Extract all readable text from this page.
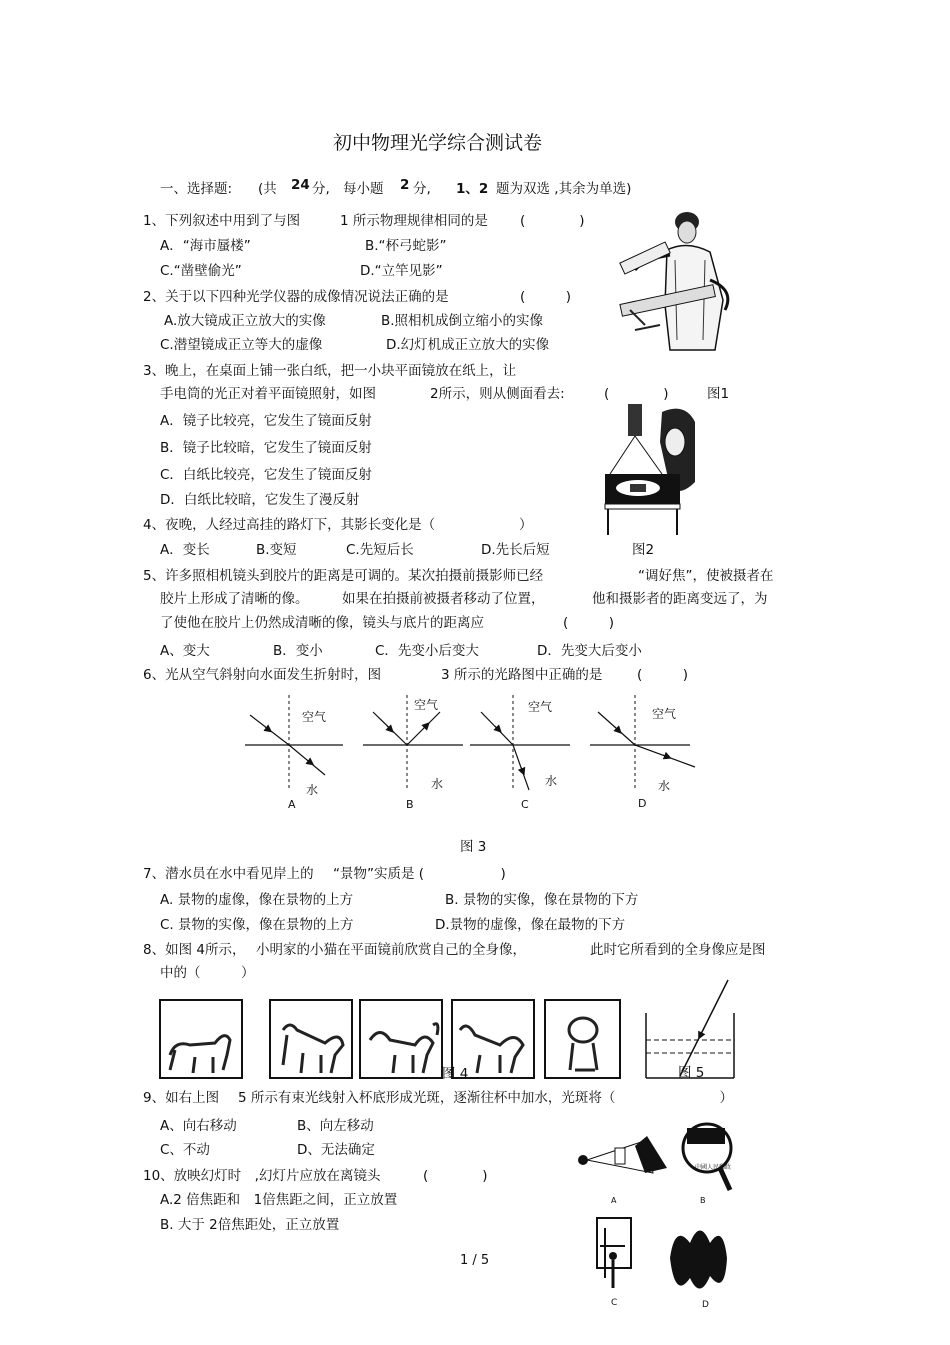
初中物理光学综合测试卷
一、选择题: (共 24 分, 每小题 2 分, 1、2 题为双选 ,其余为单选)
1、下列叙述中用到了与图	1 所示物理规律相同的是 (　　　　)
A．“海市蜃楼”	B.“杯弓蛇影”
C.“凿壁偷光”	D.“立竿见影”
2、关于以下四种光学仪器的成像情况说法正确的是	(　　　)
A.放大镜成正立放大的实像	B.照相机成倒立缩小的实像
C.潜望镜成正立等大的虚像	D.幻灯机成正立放大的实像
3、晚上，在桌面上铺一张白纸，把一小块平面镜放在纸上，让
手电筒的光正对着平面镜照射，如图	2所示，则从侧面看去:	(　　　　)	图1
A．镜子比较亮，它发生了镜面反射
B．镜子比较暗，它发生了镜面反射
C．白纸比较亮，它发生了镜面反射
D．白纸比较暗，它发生了漫反射
4、夜晚，人经过高挂的路灯下，其影长变化是（ 　　　　）
A．变长	B.变短	C.先短后长	D.先长后短	图2
5、许多照相机镜头到胶片的距离是可调的。某次拍摄前摄影师已经	“调好焦”，使被摄者在
胶片上形成了清晰的像。 如果在拍摄前被摄者移动了位置，	他和摄影者的距离变远了，为
了使他在胶片上仍然成清晰的像，镜头与底片的距离应	(　　　)
A、变大	B．变小	C．先变小后变大	D．先变大后变小
6、光从空气斜射向水面发生折射时，图	3 所示的光路图中正确的是	(　　　)
空气
空气	空气	空气
水	水	水	水
A	B	C	D
图 3
7、潜水员在水中看见岸上的 “景物”实质是 (	　　　)
A. 景物的虚像，像在景物的上方	B. 景物的实像，像在景物的下方
C. 景物的实像，像在景物的上方	D.景物的虚像，像在最物的下方
8、如图 4所示， 小明家的小猫在平面镜前欣赏自己的全身像，	此时它所看到的全身像应是图
中的（　　　）
图 4	图 5
9、如右上图 5 所示有束光线射入杯底形成光斑，逐渐往杯中加水，光斑将（	　　　　　）
A、向右移动	B、向左移动
C、不动	D、无法确定
10、放映幻灯时　,幻灯片应放在离镜头	(　　　　)
A.2 倍焦距和　1倍焦距之间，正立放置
B. 大于 2倍焦距处，正立放置
A	B
中國人民郵政
C	D
1 / 5
